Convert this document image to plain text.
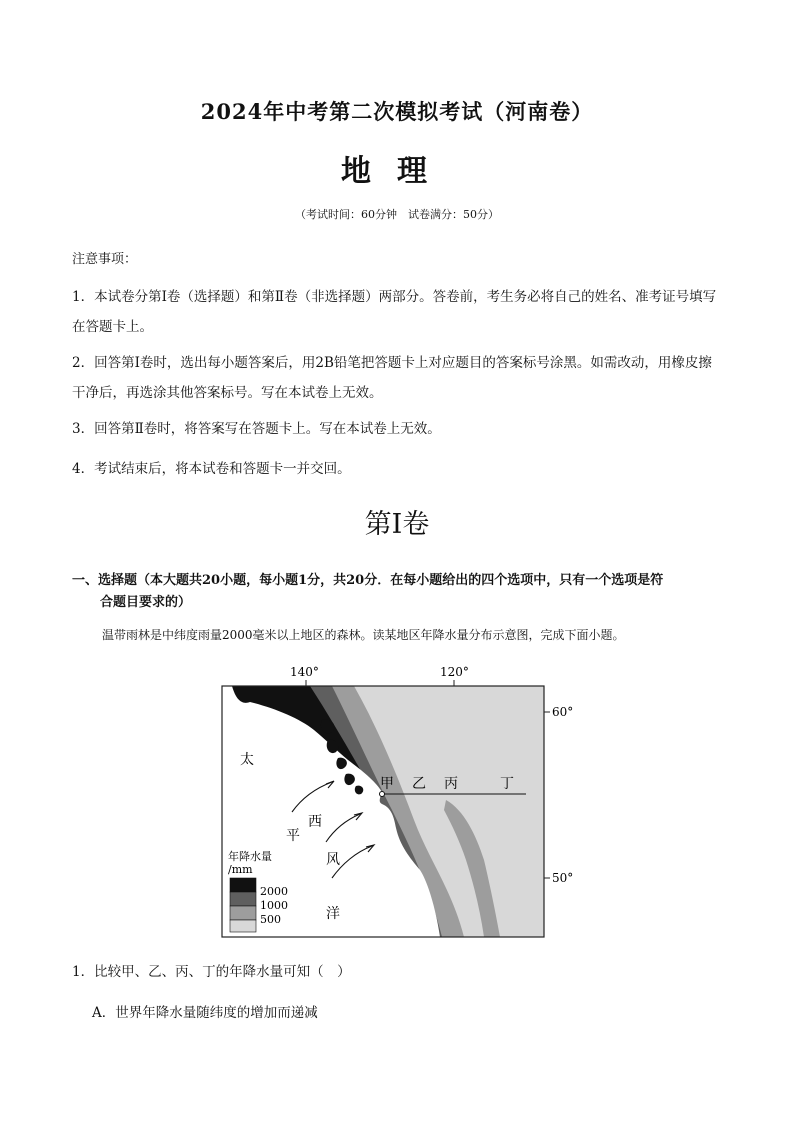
2024年中考第二次模拟考试（河南卷）
地理
（考试时间：60分钟　试卷满分：50分）
注意事项：
1．本试卷分第Ⅰ卷（选择题）和第Ⅱ卷（非选择题）两部分。答卷前，考生务必将自己的姓名、准考证号填写在答题卡上。
2．回答第Ⅰ卷时，选出每小题答案后，用2B铅笔把答题卡上对应题目的答案标号涂黑。如需改动，用橡皮擦干净后，再选涂其他答案标号。写在本试卷上无效。
3．回答第Ⅱ卷时，将答案写在答题卡上。写在本试卷上无效。
4．考试结束后，将本试卷和答题卡一并交回。
第Ⅰ卷
一、选择题（本大题共20小题，每小题1分，共20分．在每小题给出的四个选项中，只有一个选项是符
合题目要求的）
温带雨林是中纬度雨量2000毫米以上地区的森林。读某地区年降水量分布示意图，完成下面小题。
140°	120°
60°
50°
太
平
洋
西
风
甲 乙 丙	丁
年降水量
/mm
2000
1000
500
1．比较甲、乙、丙、丁的年降水量可知（　）
A．世界年降水量随纬度的增加而递减
